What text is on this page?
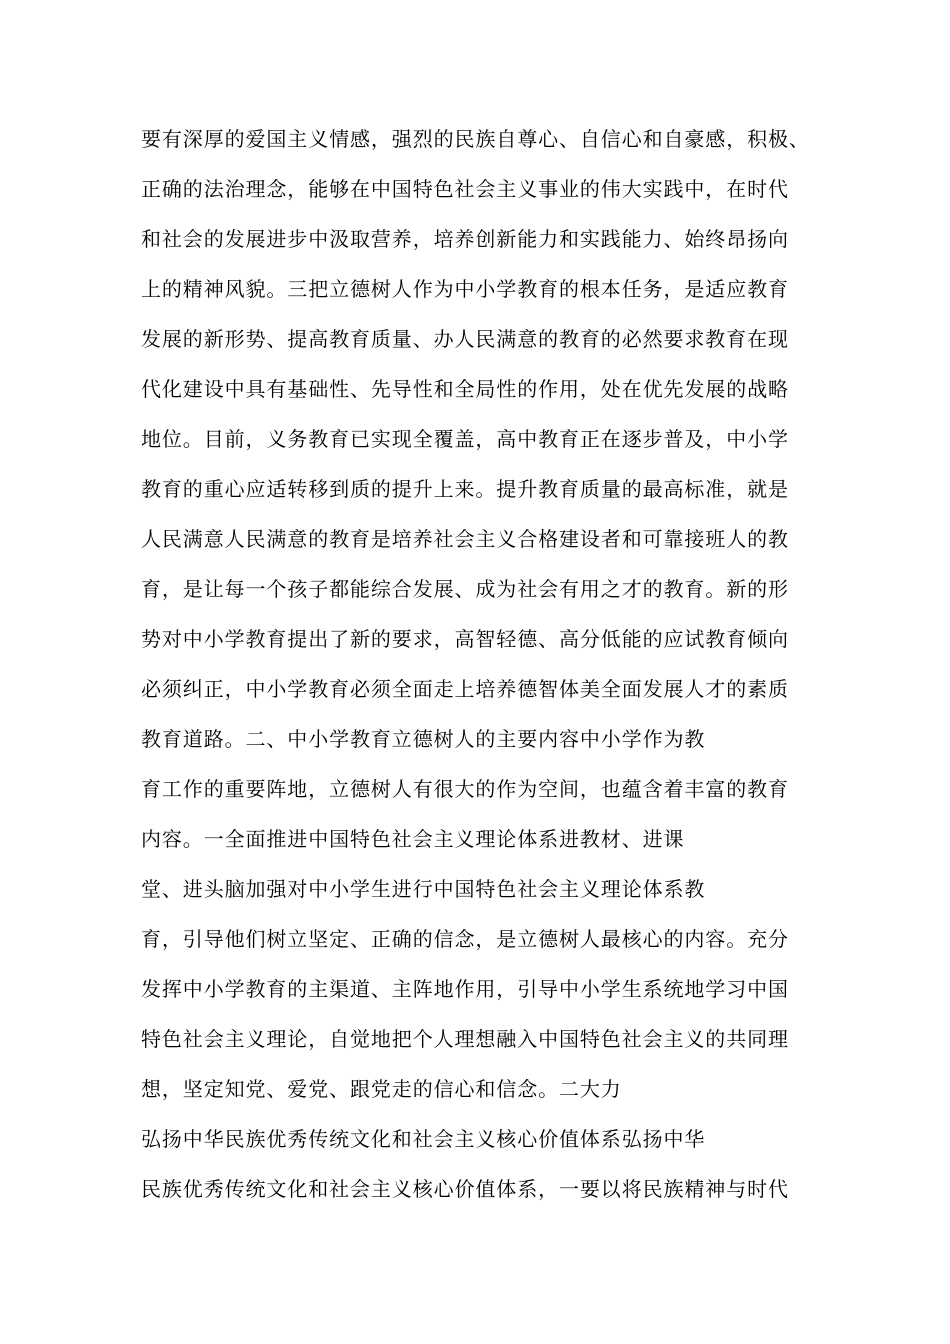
要有深厚的爱国主义情感，强烈的民族自尊心、自信心和自豪感，积极、
正确的法治理念，能够在中国特色社会主义事业的伟大实践中，在时代
和社会的发展进步中汲取营养，培养创新能力和实践能力、始终昂扬向
上的精神风貌。三把立德树人作为中小学教育的根本任务，是适应教育
发展的新形势、提高教育质量、办人民满意的教育的必然要求教育在现
代化建设中具有基础性、先导性和全局性的作用，处在优先发展的战略
地位。目前，义务教育已实现全覆盖，高中教育正在逐步普及，中小学
教育的重心应适转移到质的提升上来。提升教育质量的最高标准，就是
人民满意人民满意的教育是培养社会主义合格建设者和可靠接班人的教
育，是让每一个孩子都能综合发展、成为社会有用之才的教育。新的形
势对中小学教育提出了新的要求，高智轻德、高分低能的应试教育倾向
必须纠正，中小学教育必须全面走上培养德智体美全面发展人才的素质
教育道路。二、中小学教育立德树人的主要内容中小学作为教
育工作的重要阵地，立德树人有很大的作为空间，也蕴含着丰富的教育
内容。一全面推进中国特色社会主义理论体系进教材、进课
堂、进头脑加强对中小学生进行中国特色社会主义理论体系教
育，引导他们树立坚定、正确的信念，是立德树人最核心的内容。充分
发挥中小学教育的主渠道、主阵地作用，引导中小学生系统地学习中国
特色社会主义理论，自觉地把个人理想融入中国特色社会主义的共同理
想，坚定知党、爱党、跟党走的信心和信念。二大力
弘扬中华民族优秀传统文化和社会主义核心价值体系弘扬中华
民族优秀传统文化和社会主义核心价值体系，一要以将民族精神与时代
